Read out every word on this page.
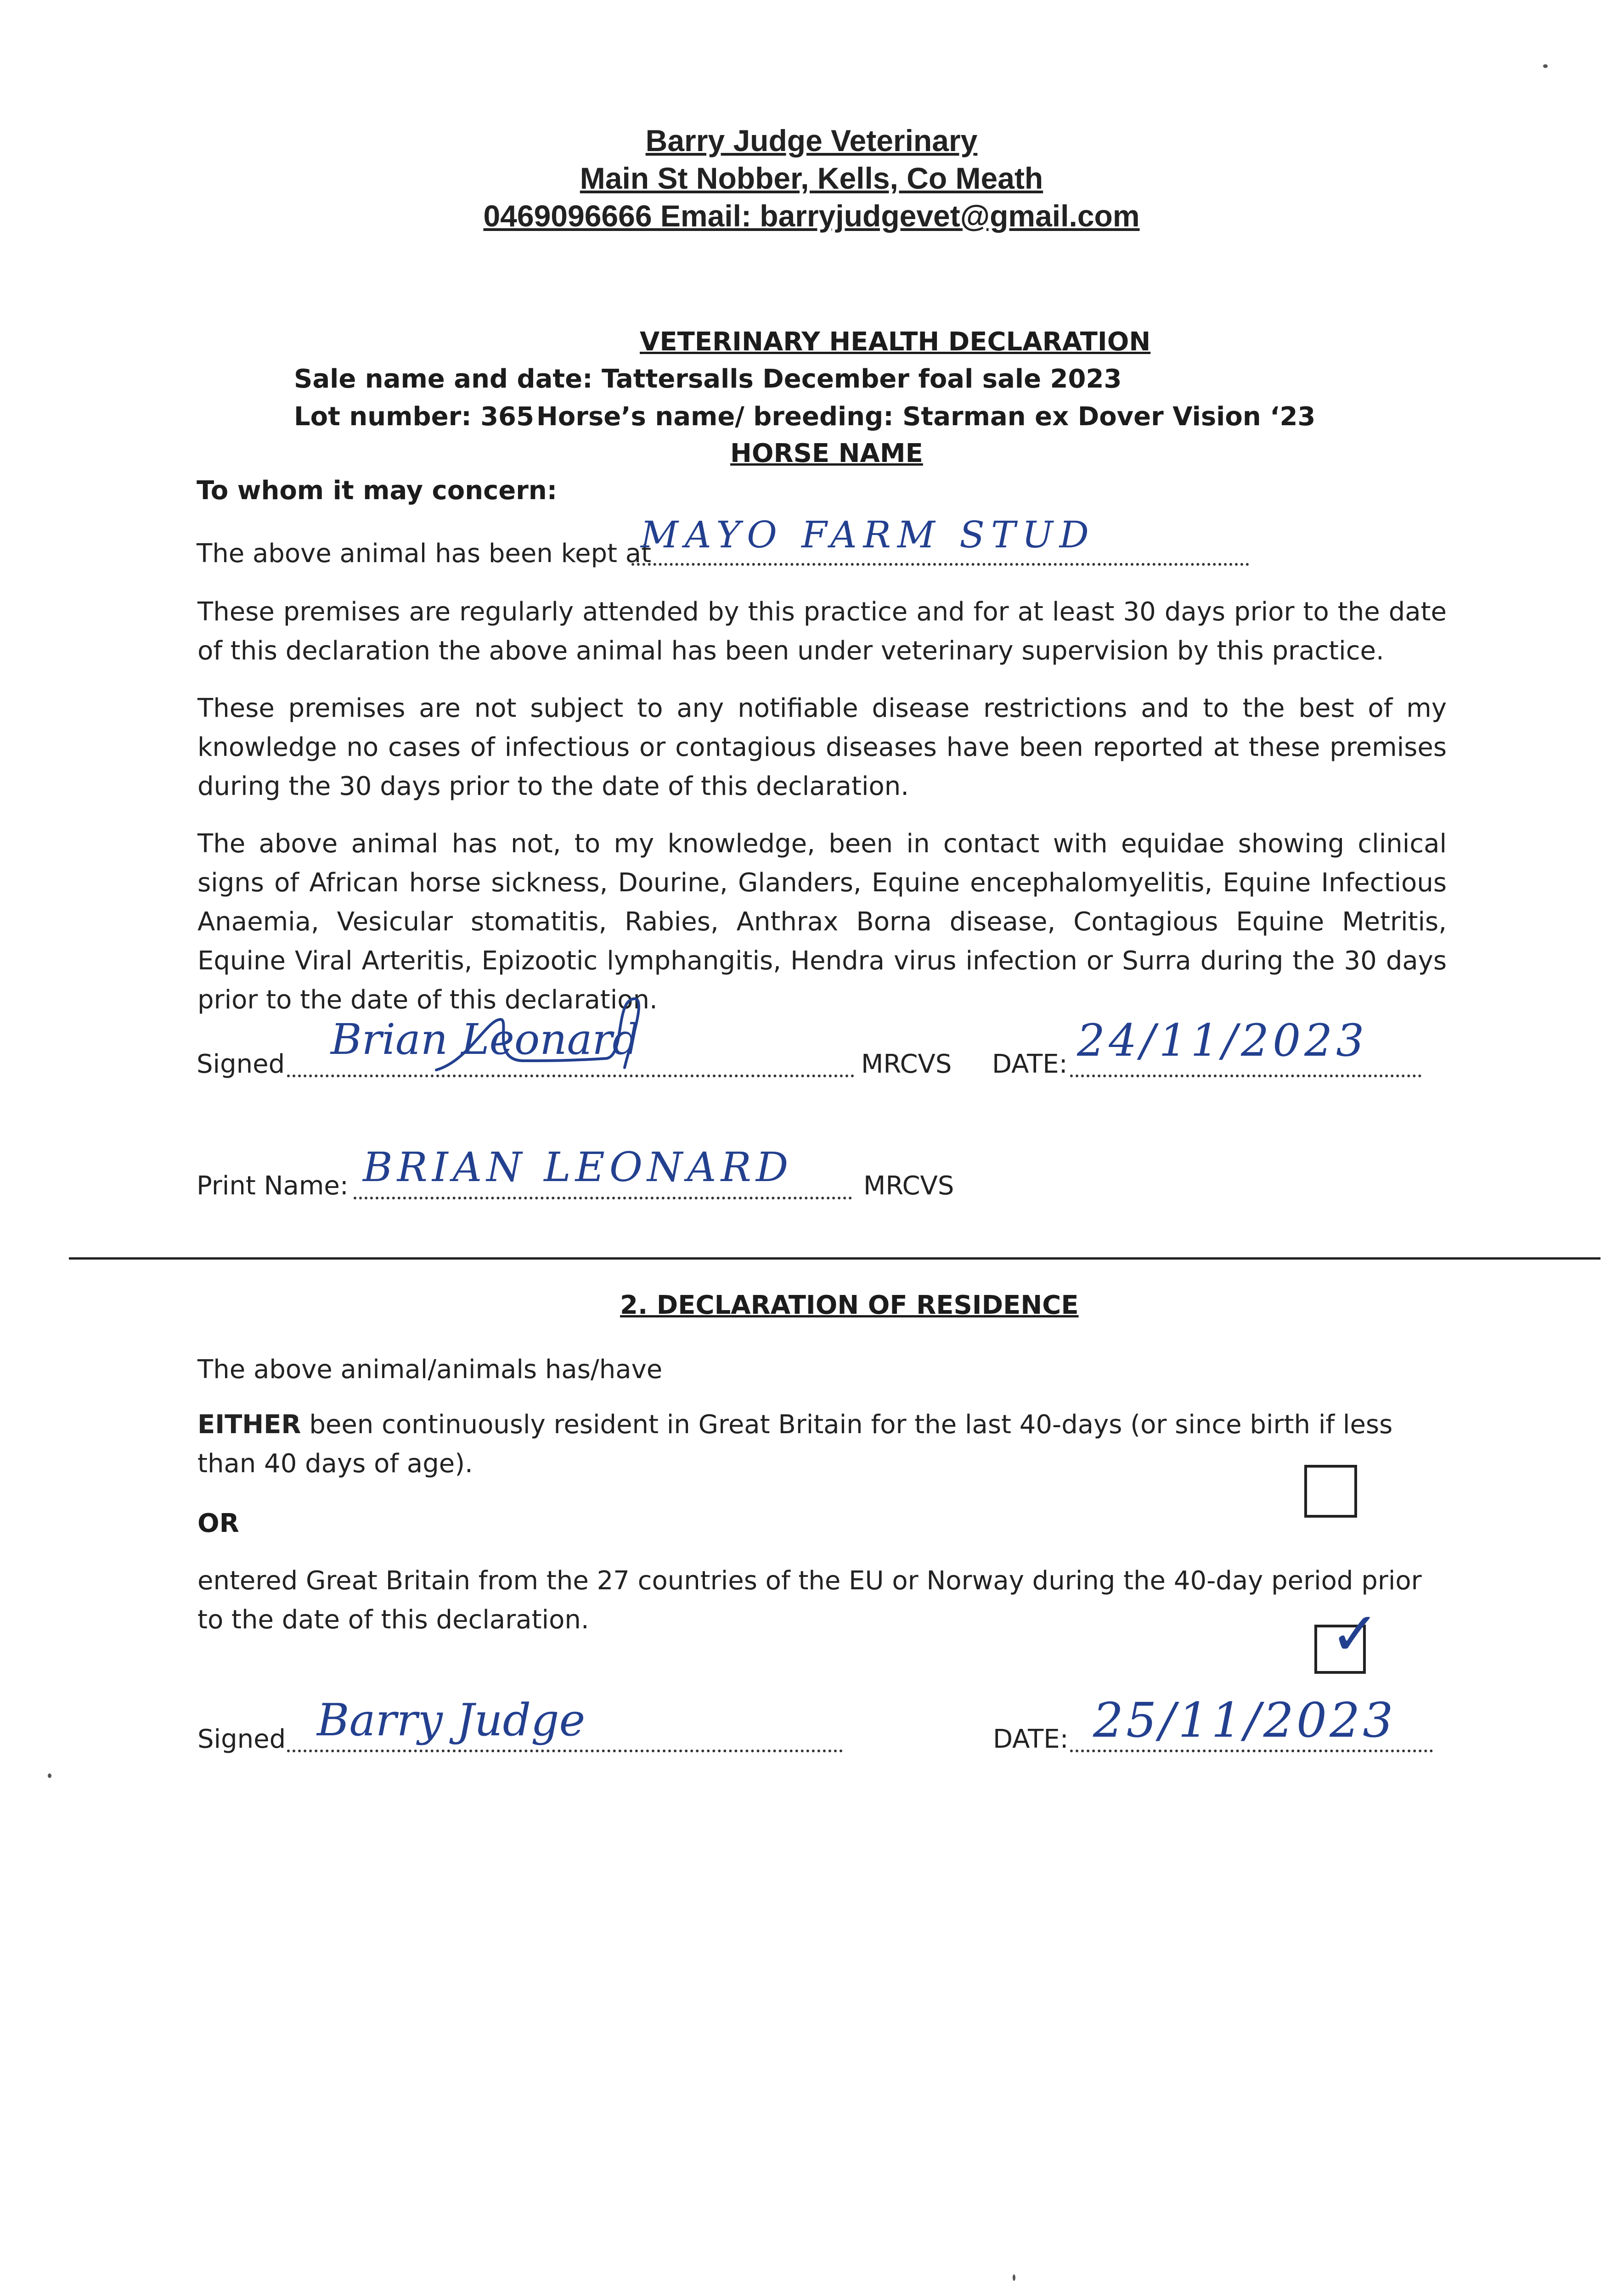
Barry Judge Veterinary
Main St Nobber, Kells, Co Meath
0469096666 Email: barryjudgevet@gmail.com
VETERINARY HEALTH DECLARATION
Sale name and date: Tattersalls December foal sale 2023
Lot number: 365 Horse’s name/ breeding: Starman ex Dover Vision ‘23
HORSE NAME
To whom it may concern:
The above animal has been kept at
MAYO FARM STUD
These premises are regularly attended by this practice and for at least 30 days prior to the date of this declaration the above animal has been under veterinary supervision by this practice.
These premises are not subject to any notifiable disease restrictions and to the best of my knowledge no cases of infectious or contagious diseases have been reported at these premises during the 30 days prior to the date of this declaration.
The above animal has not, to my knowledge, been in contact with equidae showing clinical signs of African horse sickness, Dourine, Glanders, Equine encephalomyelitis, Equine Infectious Anaemia, Vesicular stomatitis, Rabies, Anthrax Borna disease, Contagious Equine Metritis, Equine Viral Arteritis, Epizootic lymphangitis, Hendra virus infection or Surra during the 30 days prior to the date of this declaration.
Signed
Brian Leonard
MRCVS DATE: 24/11/2023
Print Name: BRIAN LEONARD	MRCVS
2. DECLARATION OF RESIDENCE
The above animal/animals has/have
EITHER been continuously resident in Great Britain for the last 40-days (or since birth if less than 40 days of age).
OR
entered Great Britain from the 27 countries of the EU or Norway during the 40-day period prior to the date of this declaration.	✓
Signed Barry Judge	DATE: 25/11/2023
